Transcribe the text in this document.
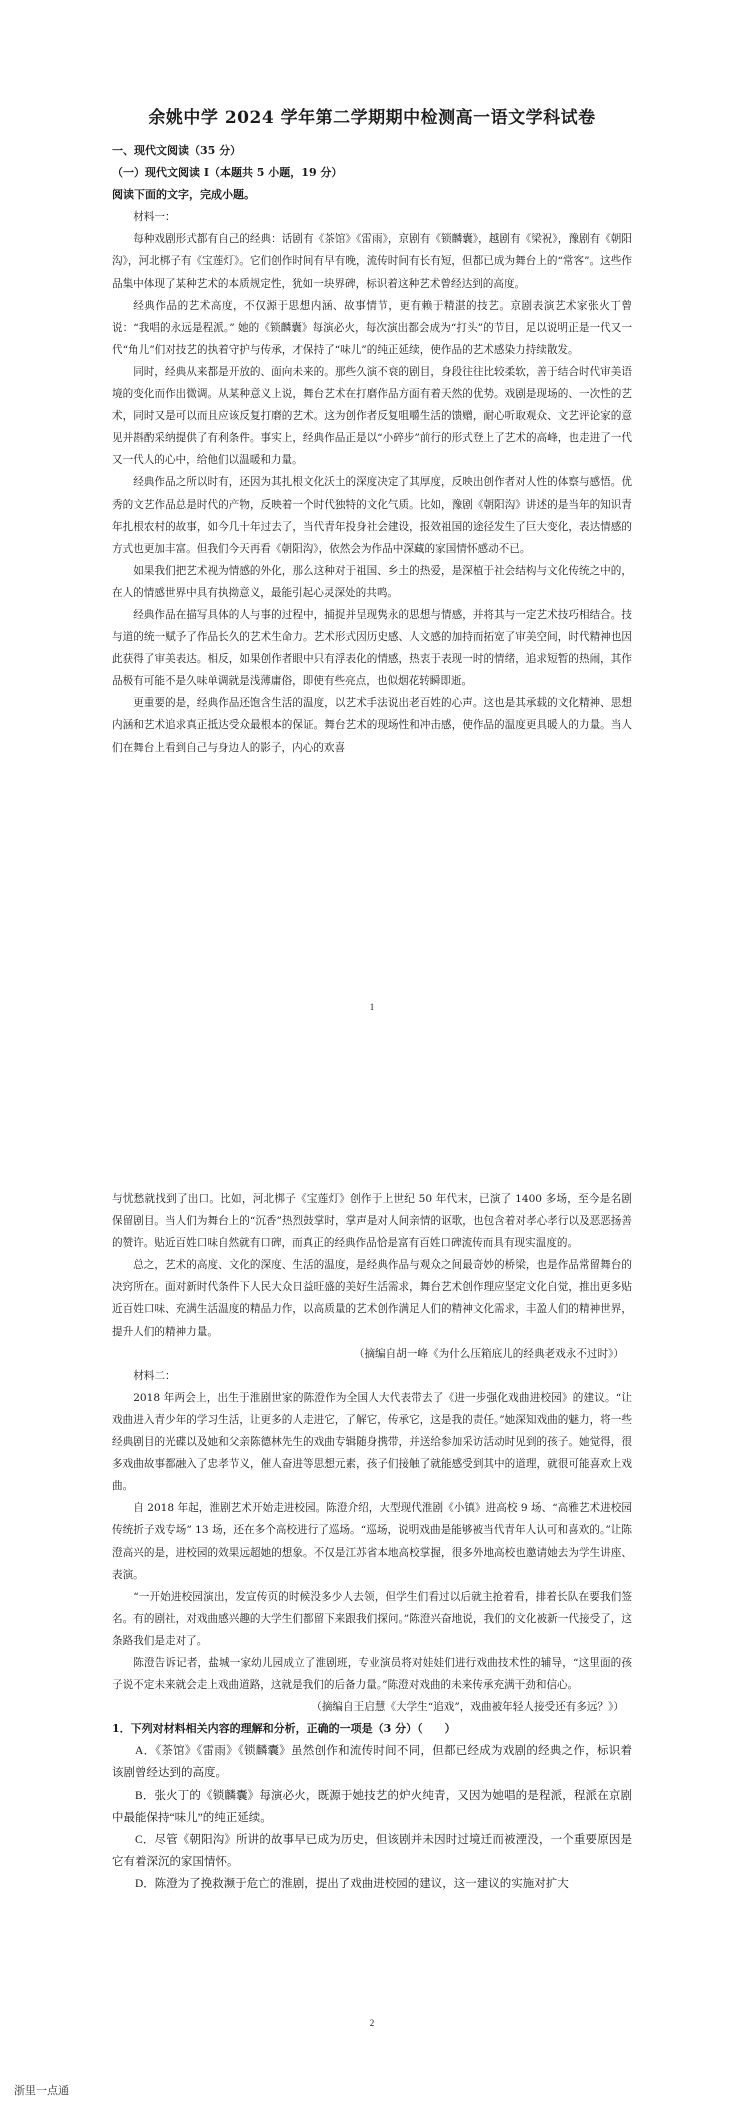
余姚中学 2024 学年第二学期期中检测高一语文学科试卷

一、现代文阅读（35 分）

（一）现代文阅读 I（本题共 5 小题，19 分）

阅读下面的文字，完成小题。

材料一：

每种戏剧形式都有自己的经典：话剧有《茶馆》《雷雨》，京剧有《锁麟囊》，越剧有《梁祝》，豫剧有《朝阳沟》，河北梆子有《宝莲灯》。它们创作时间有早有晚，流传时间有长有短，但都已成为舞台上的“常客”。这些作品集中体现了某种艺术的本质规定性，犹如一块界碑，标识着这种艺术曾经达到的高度。

经典作品的艺术高度，不仅源于思想内涵、故事情节，更有赖于精湛的技艺。京剧表演艺术家张火丁曾说：“我唱的永远是程派。” 她的《锁麟囊》每演必火，每次演出都会成为“打头”的节目，足以说明正是一代又一代“角儿”们对技艺的执着守护与传承，才保持了“味儿”的纯正延续，使作品的艺术感染力持续散发。

同时，经典从来都是开放的、面向未来的。那些久演不衰的剧目，身段往往比较柔软，善于结合时代审美语境的变化而作出微调。从某种意义上说，舞台艺术在打磨作品方面有着天然的优势。戏剧是现场的、一次性的艺术，同时又是可以而且应该反复打磨的艺术。这为创作者反复咀嚼生活的馈赠，耐心听取观众、文艺评论家的意见并斟酌采纳提供了有利条件。事实上，经典作品正是以“小碎步”前行的形式登上了艺术的高峰，也走进了一代又一代人的心中，给他们以温暖和力量。

经典作品之所以时有，还因为其扎根文化沃土的深度决定了其厚度，反映出创作者对人性的体察与感悟。优秀的文艺作品总是时代的产物，反映着一个时代独特的文化气质。比如，豫剧《朝阳沟》讲述的是当年的知识青年扎根农村的故事，如今几十年过去了，当代青年投身社会建设，报效祖国的途径发生了巨大变化，表达情感的方式也更加丰富。但我们今天再看《朝阳沟》，依然会为作品中深藏的家国情怀感动不已。

如果我们把艺术视为情感的外化，那么这种对于祖国、乡土的热爱，是深植于社会结构与文化传统之中的，在人的情感世界中具有执拗意义，最能引起心灵深处的共鸣。

经典作品在描写具体的人与事的过程中，捕捉并呈现隽永的思想与情感，并将其与一定艺术技巧相结合。技与道的统一赋予了作品长久的艺术生命力。艺术形式因历史感、人文感的加持而拓宽了审美空间，时代精神也因此获得了审美表达。相反，如果创作者眼中只有浮表化的情感，热衷于表现一时的情绪，追求短暂的热闹，其作品极有可能不是久味单调就是浅薄庸俗，即使有些亮点，也似烟花转瞬即逝。

更重要的是，经典作品还饱含生活的温度，以艺术手法说出老百姓的心声。这也是其承载的文化精神、思想内涵和艺术追求真正抵达受众最根本的保证。舞台艺术的现场性和冲击感，使作品的温度更具暖人的力量。当人们在舞台上看到自己与身边人的影子，内心的欢喜

1

与忧愁就找到了出口。比如，河北梆子《宝莲灯》创作于上世纪 50 年代末，已演了 1400 多场，至今是名剧保留剧目。当人们为舞台上的“沉香”热烈鼓掌时，掌声是对人间亲情的讴歌，也包含着对孝心孝行以及恶恶扬善的赞许。贴近百姓口味自然就有口碑，而真正的经典作品恰是富有百姓口碑流传而具有现实温度的。

总之，艺术的高度、文化的深度、生活的温度，是经典作品与观众之间最奇妙的桥梁，也是作品常留舞台的决窍所在。面对新时代条件下人民大众日益旺盛的美好生活需求，舞台艺术创作理应坚定文化自觉，推出更多贴近百姓口味、充满生活温度的精品力作，以高质量的艺术创作满足人们的精神文化需求，丰盈人们的精神世界，提升人们的精神力量。

（摘编自胡一峰《为什么压箱底儿的经典老戏永不过时》）

材料二：

2018 年两会上，出生于淮剧世家的陈澄作为全国人大代表带去了《进一步强化戏曲进校园》的建议。“让戏曲进入青少年的学习生活，让更多的人走进它，了解它，传承它，这是我的责任。”她深知戏曲的魅力，将一些经典剧目的光碟以及她和父亲陈德林先生的戏曲专辑随身携带，并送给参加采访活动时见到的孩子。她觉得，很多戏曲故事都融入了忠孝节义，催人奋进等思想元素，孩子们接触了就能感受到其中的道理，就很可能喜欢上戏曲。

自 2018 年起，淮剧艺术开始走进校园。陈澄介绍，大型现代淮剧《小镇》进高校 9 场、“高雅艺术进校园传统折子戏专场” 13 场，还在多个高校进行了巡场。“巡场，说明戏曲是能够被当代青年人认可和喜欢的。”让陈澄高兴的是，进校园的效果远超她的想象。不仅是江苏省本地高校掌握，很多外地高校也邀请她去为学生讲座、表演。

“一开始进校园演出，发宣传页的时候没多少人去领，但学生们看过以后就主抢着看，排着长队在要我们签名。有的剧社，对戏曲感兴趣的大学生们都留下来跟我们探问。”陈澄兴奋地说，我们的文化被新一代接受了，这条路我们是走对了。

陈澄告诉记者，盐城一家幼儿园成立了淮剧班，专业演员将对娃娃们进行戏曲技术性的辅导，“这里面的孩子说不定未来就会走上戏曲道路，这就是我们的后备力量。”陈澄对戏曲的未来传承充满干劲和信心。

（摘编自王启慧《大学生“追戏”，戏曲被年轻人接受还有多远？》）

1．下列对材料相关内容的理解和分析，正确的一项是（3 分）（　　）

A．《茶馆》《雷雨》《锁麟囊》虽然创作和流传时间不同，但都已经成为戏剧的经典之作，标识着该剧曾经达到的高度。

B．张火丁的《锁麟囊》每演必火，既源于她技艺的炉火纯青，又因为她唱的是程派，程派在京剧中最能保持“味儿”的纯正延续。

C．尽管《朝阳沟》所讲的故事早已成为历史，但该剧并未因时过境迁而被湮没，一个重要原因是它有着深沉的家国情怀。

D．陈澄为了挽救濒于危亡的淮剧，提出了戏曲进校园的建议，这一建议的实施对扩大

2
浙里一点通
